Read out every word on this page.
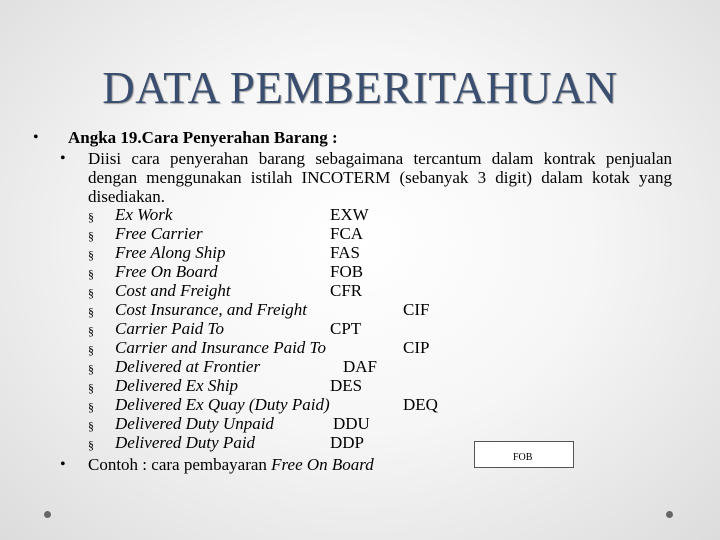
DATA PEMBERITAHUAN
• Angka 19.Cara Penyerahan Barang :
• Diisi cara penyerahan barang sebagaimana tercantum dalam kontrak penjualan dengan menggunakan istilah INCOTERM (sebanyak 3 digit) dalam kotak yang disediakan.
§ Ex Work	EXW
§ Free Carrier	FCA
§ Free Along Ship	FAS
§ Free On Board	FOB
§ Cost and Freight	CFR
§ Cost Insurance, and Freight	CIF
§ Carrier Paid To	CPT
§ Carrier and Insurance Paid To	CIP
§ Delivered at Frontier	DAF
§ Delivered Ex Ship	DES
§ Delivered Ex Quay (Duty Paid)	DEQ
§ Delivered Duty Unpaid	DDU
§ Delivered Duty Paid	DDP
• Contoh : cara pembayaran Free On Board	FOB
